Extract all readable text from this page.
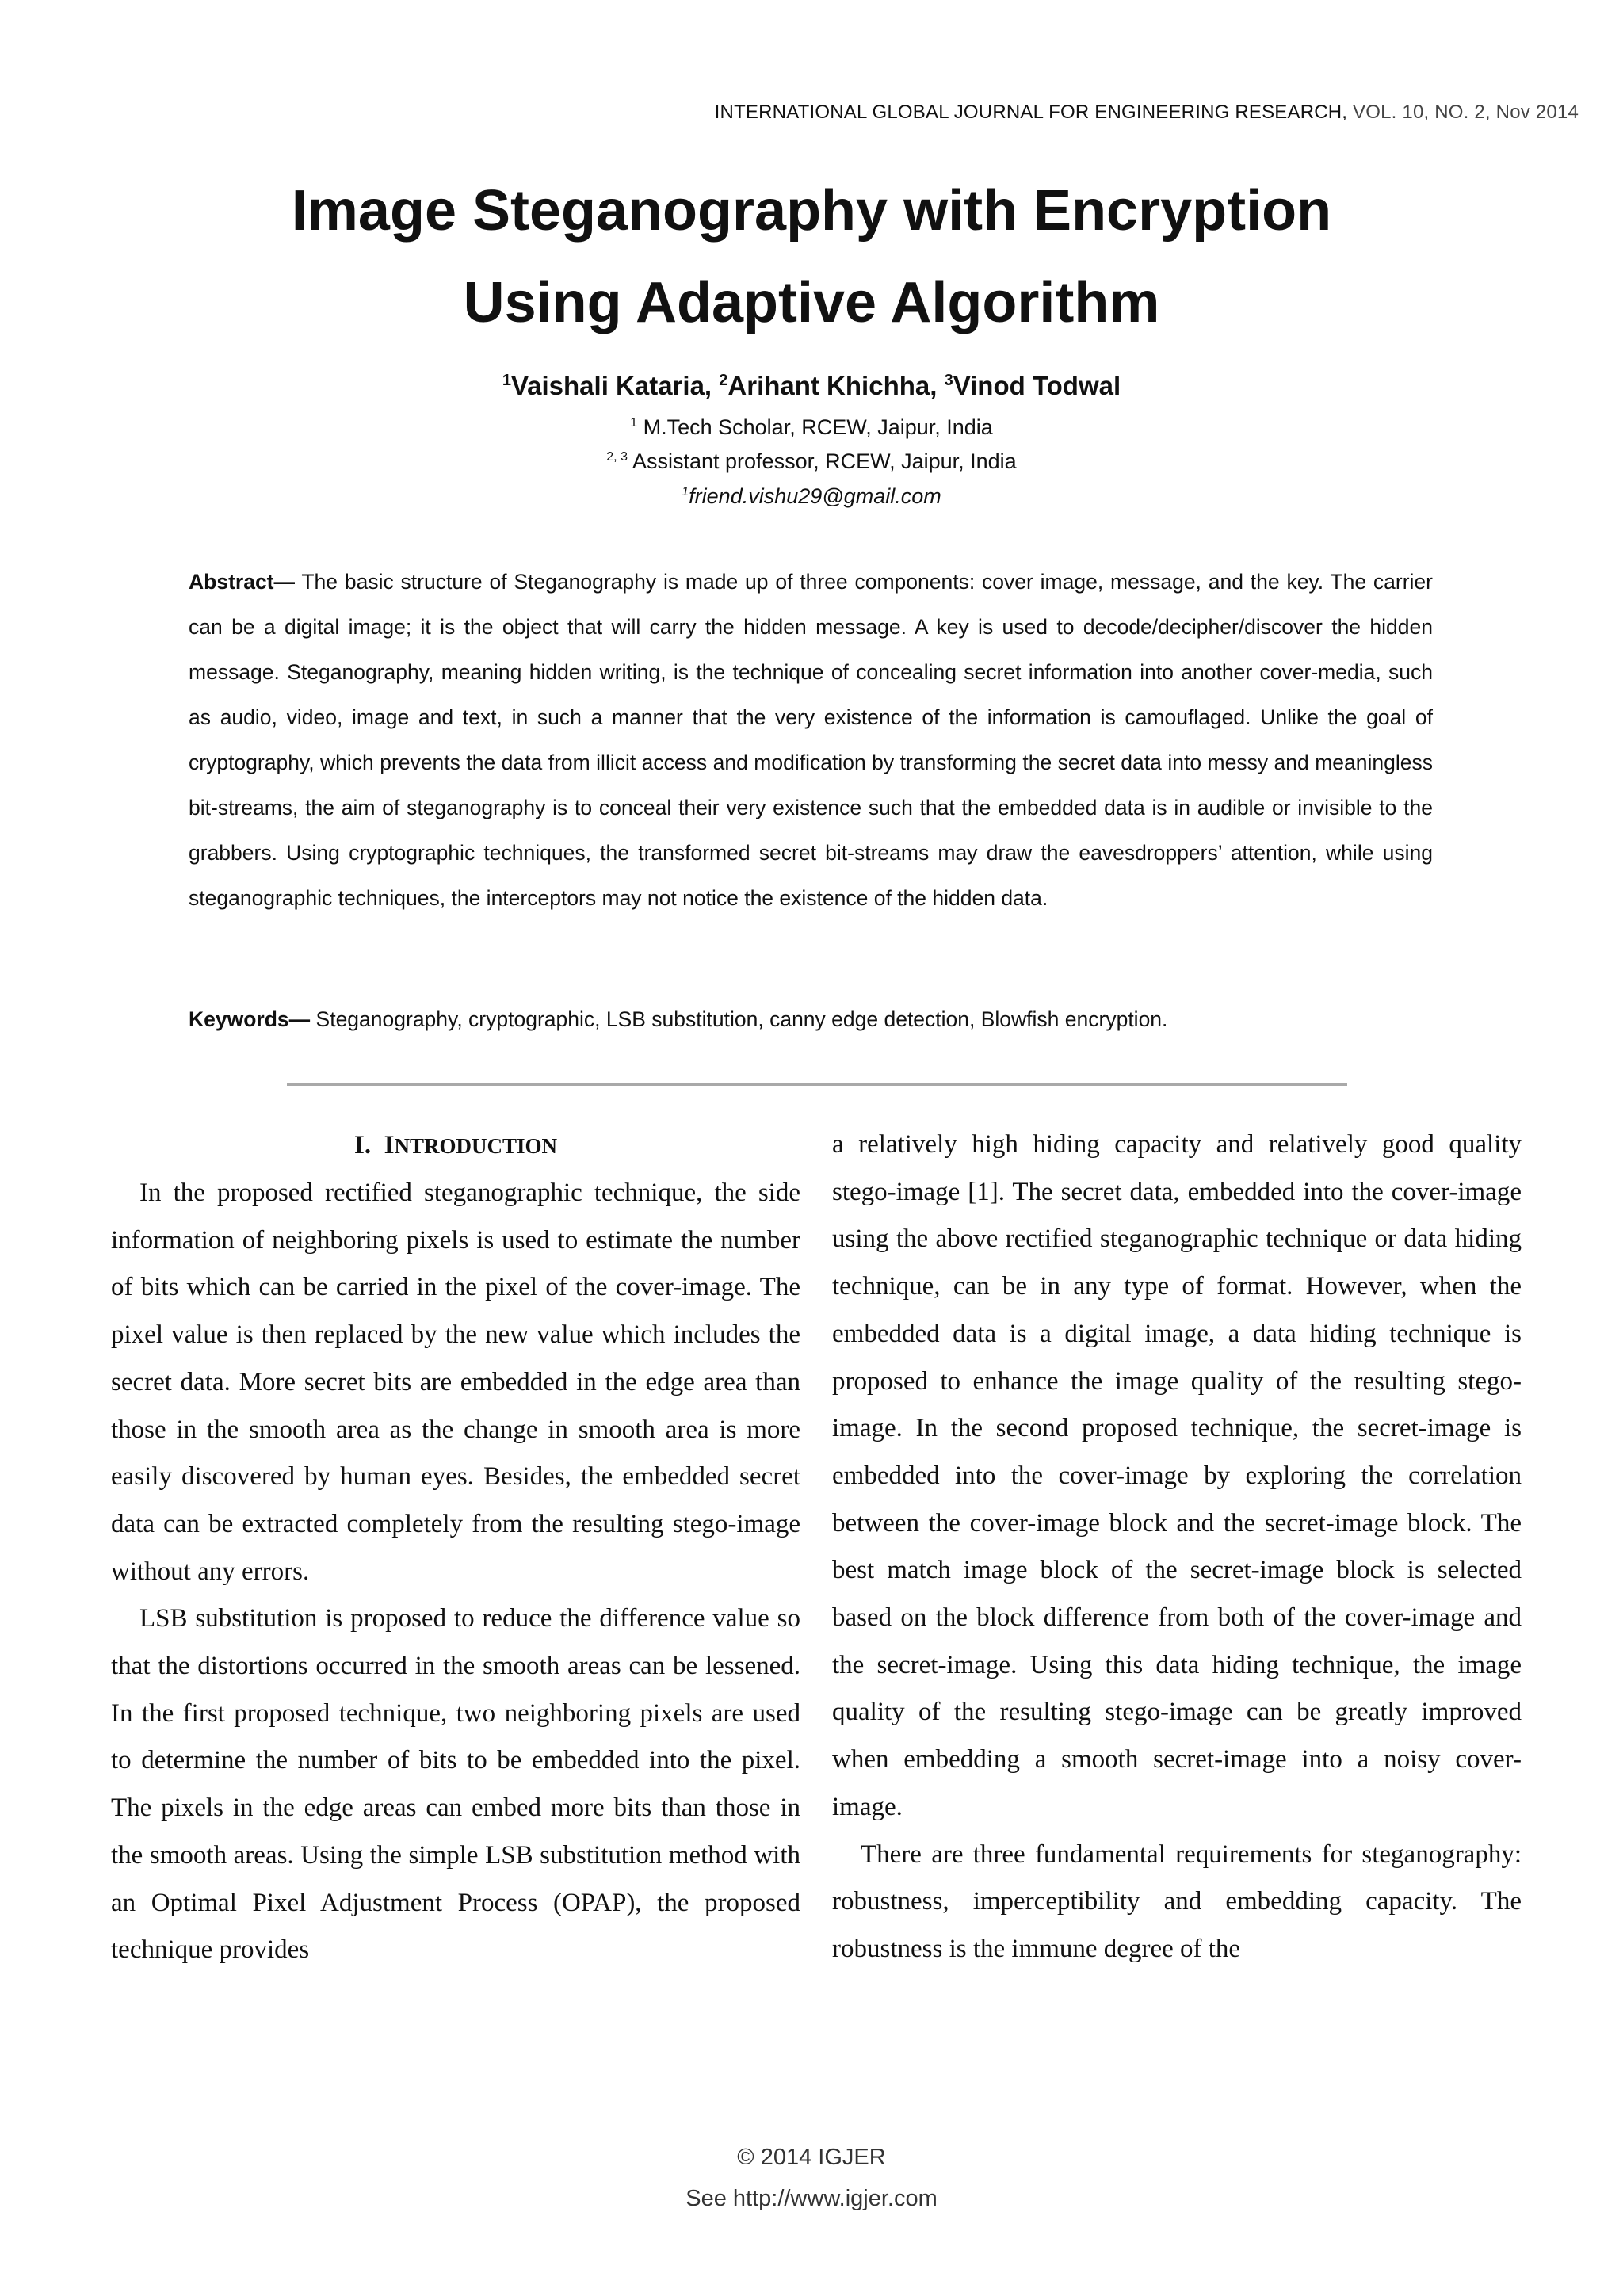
INTERNATIONAL GLOBAL JOURNAL FOR ENGINEERING RESEARCH, VOL. 10, NO. 2, Nov 2014
Image Steganography with Encryption
Using Adaptive Algorithm
$^1$Vaishali Kataria, $^2$Arihant Khichha, $^3$Vinod Todwal
$^1$ M.Tech Scholar, RCEW, Jaipur, India
$^{2, 3}$ Assistant professor, RCEW, Jaipur, India
$^1$friend.vishu29@gmail.com

Abstract— The basic structure of Steganography is made up of three components: cover image, message, and the key. The carrier can be a digital image; it is the object that will carry the hidden message. A key is used to decode/decipher/discover the hidden message. Steganography, meaning hidden writing, is the technique of concealing secret information into another cover-media, such as audio, video, image and text, in such a manner that the very existence of the information is camouflaged. Unlike the goal of cryptography, which prevents the data from illicit access and modification by transforming the secret data into messy and meaningless bit-streams, the aim of steganography is to conceal their very existence such that the embedded data is in audible or invisible to the grabbers. Using cryptographic techniques, the transformed secret bit-streams may draw the eavesdroppers’ attention, while using steganographic techniques, the interceptors may not notice the existence of the hidden data.

Keywords— Steganography, cryptographic, LSB substitution, canny edge detection, Blowfish encryption.

I. INTRODUCTION

In the proposed rectified steganographic technique, the side information of neighboring pixels is used to estimate the number of bits which can be carried in the pixel of the cover-image. The pixel value is then replaced by the new value which includes the secret data. More secret bits are embedded in the edge area than those in the smooth area as the change in smooth area is more easily discovered by human eyes. Besides, the embedded secret data can be extracted completely from the resulting stego-image without any errors.

LSB substitution is proposed to reduce the difference value so that the distortions occurred in the smooth areas can be lessened. In the first proposed technique, two neighboring pixels are used to determine the number of bits to be embedded into the pixel. The pixels in the edge areas can embed more bits than those in the smooth areas. Using the simple LSB substitution method with an Optimal Pixel Adjustment Process (OPAP), the proposed technique provides

a relatively high hiding capacity and relatively good quality stego-image [1]. The secret data, embedded into the cover-image using the above rectified steganographic technique or data hiding technique, can be in any type of format. However, when the embedded data is a digital image, a data hiding technique is proposed to enhance the image quality of the resulting stego-image. In the second proposed technique, the secret-image is embedded into the cover-image by exploring the correlation between the cover-image block and the secret-image block. The best match image block of the secret-image block is selected based on the block difference from both of the cover-image and the secret-image. Using this data hiding technique, the image quality of the resulting stego-image can be greatly improved when embedding a smooth secret-image into a noisy cover-image.

There are three fundamental requirements for steganography: robustness, imperceptibility and embedding capacity. The robustness is the immune degree of the

© 2014 IGJER
See http://www.igjer.com
